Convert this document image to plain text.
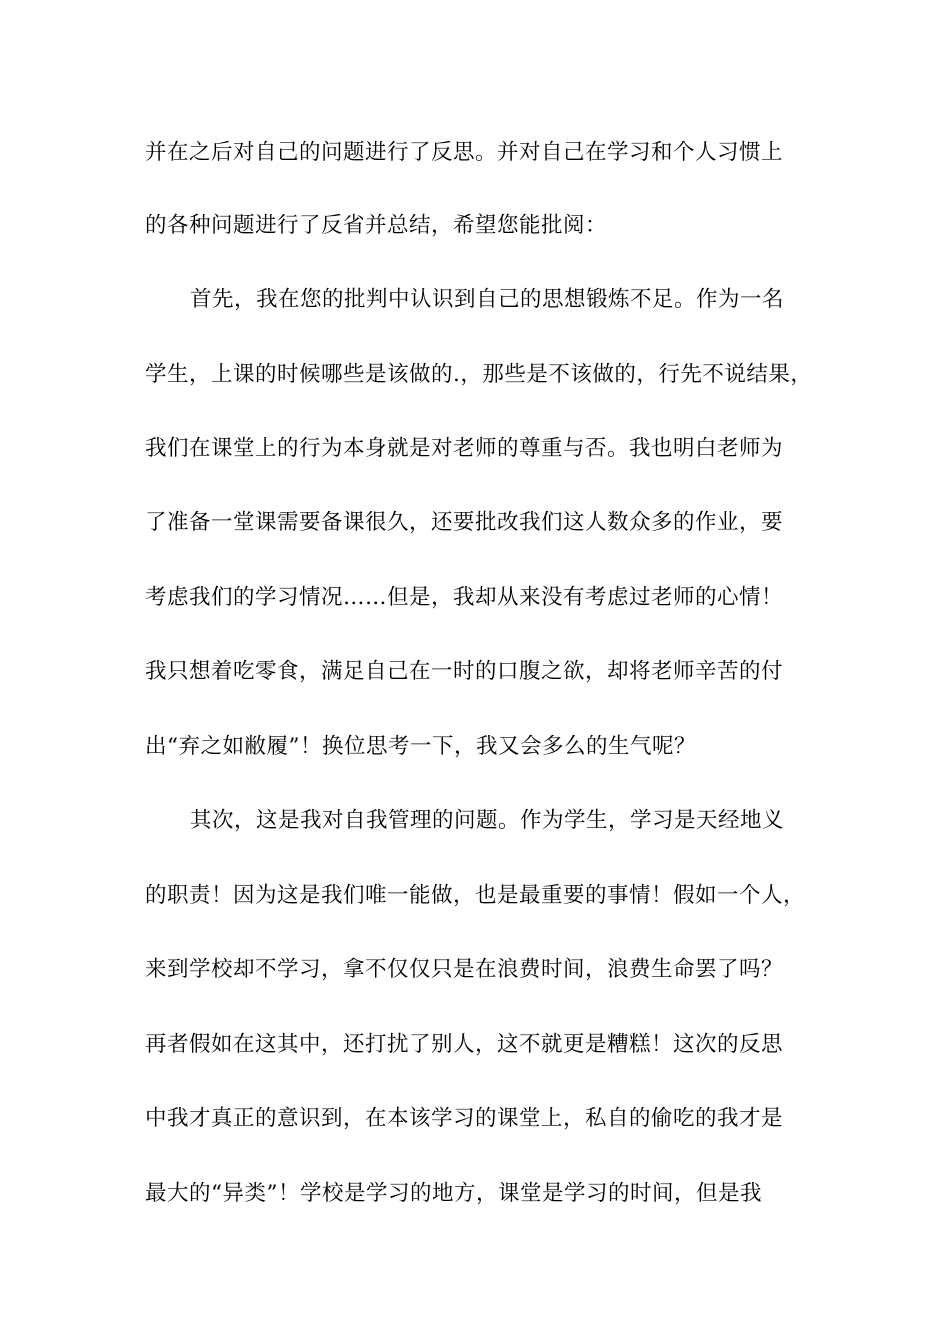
并在之后对自己的问题进行了反思。并对自己在学习和个人习惯上
的各种问题进行了反省并总结，希望您能批阅：
首先，我在您的批判中认识到自己的思想锻炼不足。作为一名
学生，上课的时候哪些是该做的.，那些是不该做的，行先不说结果，
我们在课堂上的行为本身就是对老师的尊重与否。我也明白老师为
了准备一堂课需要备课很久，还要批改我们这人数众多的作业，要
考虑我们的学习情况……但是，我却从来没有考虑过老师的心情！
我只想着吃零食，满足自己在一时的口腹之欲，却将老师辛苦的付
出“弃之如敝履”！换位思考一下，我又会多么的生气呢？
其次，这是我对自我管理的问题。作为学生，学习是天经地义
的职责！因为这是我们唯一能做，也是最重要的事情！假如一个人，
来到学校却不学习，拿不仅仅只是在浪费时间，浪费生命罢了吗？
再者假如在这其中，还打扰了别人，这不就更是糟糕！这次的反思
中我才真正的意识到，在本该学习的课堂上，私自的偷吃的我才是
最大的“异类”！学校是学习的地方，课堂是学习的时间，但是我
